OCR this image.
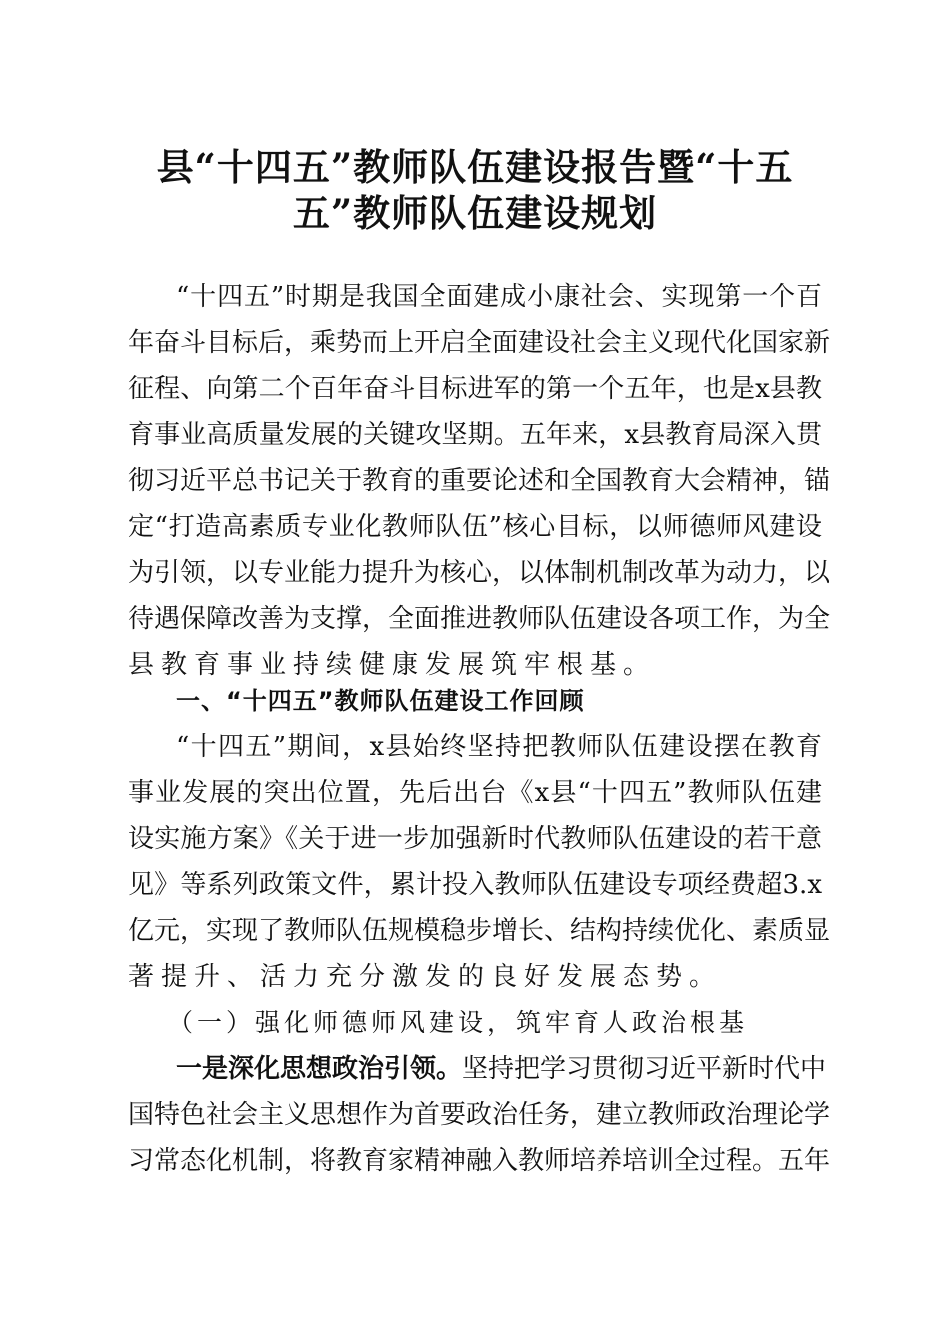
县“十四五”教师队伍建设报告暨“十五
五”教师队伍建设规划
“十四五”时期是我国全面建成小康社会、实现第一个百
年奋斗目标后，乘势而上开启全面建设社会主义现代化国家新
征程、向第二个百年奋斗目标进军的第一个五年，也是x县教
育事业高质量发展的关键攻坚期。五年来，x县教育局深入贯
彻习近平总书记关于教育的重要论述和全国教育大会精神，锚
定“打造高素质专业化教师队伍”核心目标，以师德师风建设
为引领，以专业能力提升为核心，以体制机制改革为动力，以
待遇保障改善为支撑，全面推进教师队伍建设各项工作，为全
县教育事业持续健康发展筑牢根基。
一、“十四五”教师队伍建设工作回顾
“十四五”期间，x县始终坚持把教师队伍建设摆在教育
事业发展的突出位置，先后出台《x县“十四五”教师队伍建
设实施方案》《关于进一步加强新时代教师队伍建设的若干意
见》等系列政策文件，累计投入教师队伍建设专项经费超3.x
亿元，实现了教师队伍规模稳步增长、结构持续优化、素质显
著提升、活力充分激发的良好发展态势。
（一）强化师德师风建设，筑牢育人政治根基
一是深化思想政治引领。坚持把学习贯彻习近平新时代中
国特色社会主义思想作为首要政治任务，建立教师政治理论学
习常态化机制，将教育家精神融入教师培养培训全过程。五年
